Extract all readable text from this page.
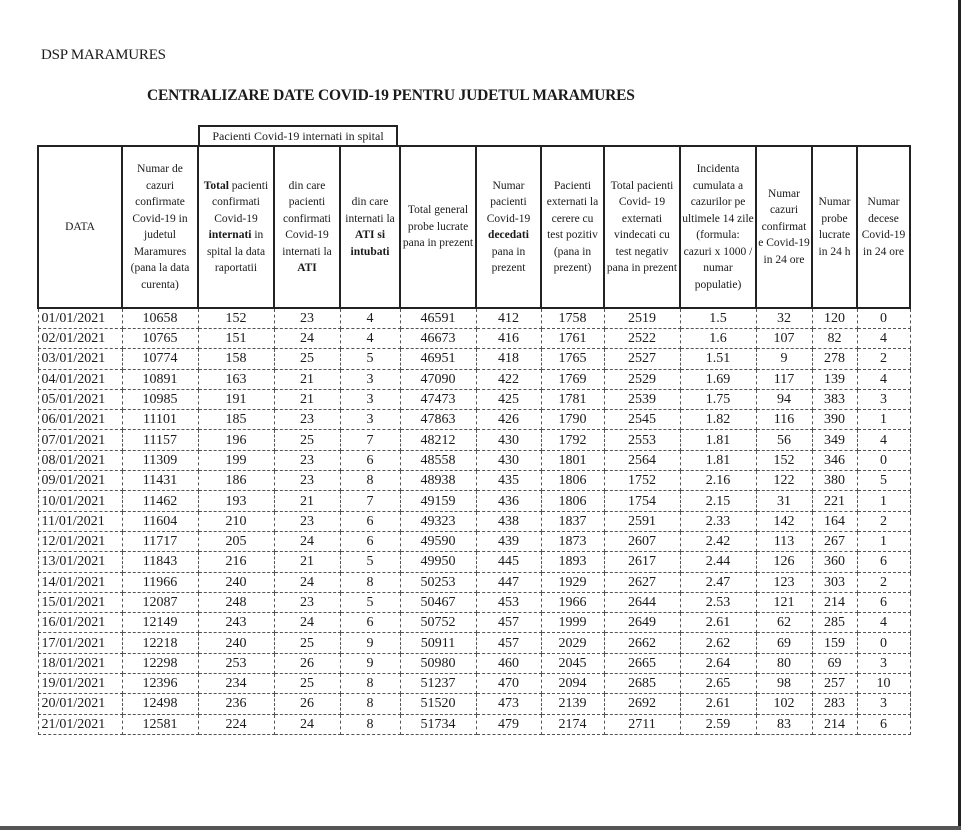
DSP MARAMURES
CENTRALIZARE DATE COVID-19 PENTRU JUDETUL MARAMURES
Pacienti Covid-19 internati in spital
DATA	Numar de cazuri confirmate Covid-19 in judetul Maramures (pana la data curenta)	Total pacienti confirmati Covid-19 internati in spital la data raportatii	din care pacienti confirmati Covid-19 internati la ATI	din care internati la ATI si intubati	Total general probe lucrate pana in prezent	Numar pacienti Covid-19 decedati pana in prezent	Pacienti externati la cerere cu test pozitiv (pana in prezent)	Total pacienti Covid- 19 externati vindecati cu test negativ pana in prezent	Incidenta cumulata a cazurilor pe ultimele 14 zile (formula: cazuri x 1000 / numar populatie)	Numar cazuri confirmat e Covid-19 in 24 ore	Numar probe lucrate in 24 h	Numar decese Covid-19 in 24 ore
01/01/2021	10658	152	23	4	46591	412	1758	2519	1.5	32	120	0
02/01/2021	10765	151	24	4	46673	416	1761	2522	1.6	107	82	4
03/01/2021	10774	158	25	5	46951	418	1765	2527	1.51	9	278	2
04/01/2021	10891	163	21	3	47090	422	1769	2529	1.69	117	139	4
05/01/2021	10985	191	21	3	47473	425	1781	2539	1.75	94	383	3
06/01/2021	11101	185	23	3	47863	426	1790	2545	1.82	116	390	1
07/01/2021	11157	196	25	7	48212	430	1792	2553	1.81	56	349	4
08/01/2021	11309	199	23	6	48558	430	1801	2564	1.81	152	346	0
09/01/2021	11431	186	23	8	48938	435	1806	1752	2.16	122	380	5
10/01/2021	11462	193	21	7	49159	436	1806	1754	2.15	31	221	1
11/01/2021	11604	210	23	6	49323	438	1837	2591	2.33	142	164	2
12/01/2021	11717	205	24	6	49590	439	1873	2607	2.42	113	267	1
13/01/2021	11843	216	21	5	49950	445	1893	2617	2.44	126	360	6
14/01/2021	11966	240	24	8	50253	447	1929	2627	2.47	123	303	2
15/01/2021	12087	248	23	5	50467	453	1966	2644	2.53	121	214	6
16/01/2021	12149	243	24	6	50752	457	1999	2649	2.61	62	285	4
17/01/2021	12218	240	25	9	50911	457	2029	2662	2.62	69	159	0
18/01/2021	12298	253	26	9	50980	460	2045	2665	2.64	80	69	3
19/01/2021	12396	234	25	8	51237	470	2094	2685	2.65	98	257	10
20/01/2021	12498	236	26	8	51520	473	2139	2692	2.61	102	283	3
21/01/2021	12581	224	24	8	51734	479	2174	2711	2.59	83	214	6
